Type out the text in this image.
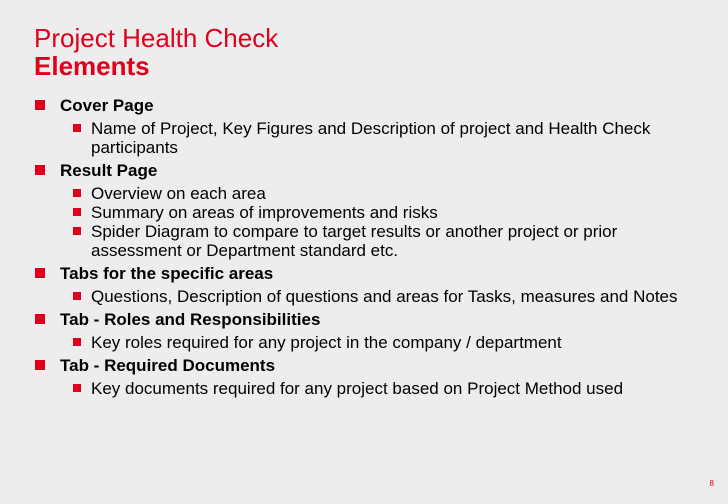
Project Health Check
Elements
Cover Page
Name of Project, Key Figures and Description of project and Health Check participants
Result Page
Overview on each area
Summary on areas of improvements and risks
Spider Diagram to compare to target results or another project or prior assessment or Department standard etc.
Tabs for the specific areas
Questions, Description of questions and areas for Tasks, measures and Notes
Tab - Roles and Responsibilities
Key roles required for any project in the company / department
Tab - Required Documents
Key documents required for any project based on Project Method used
8
